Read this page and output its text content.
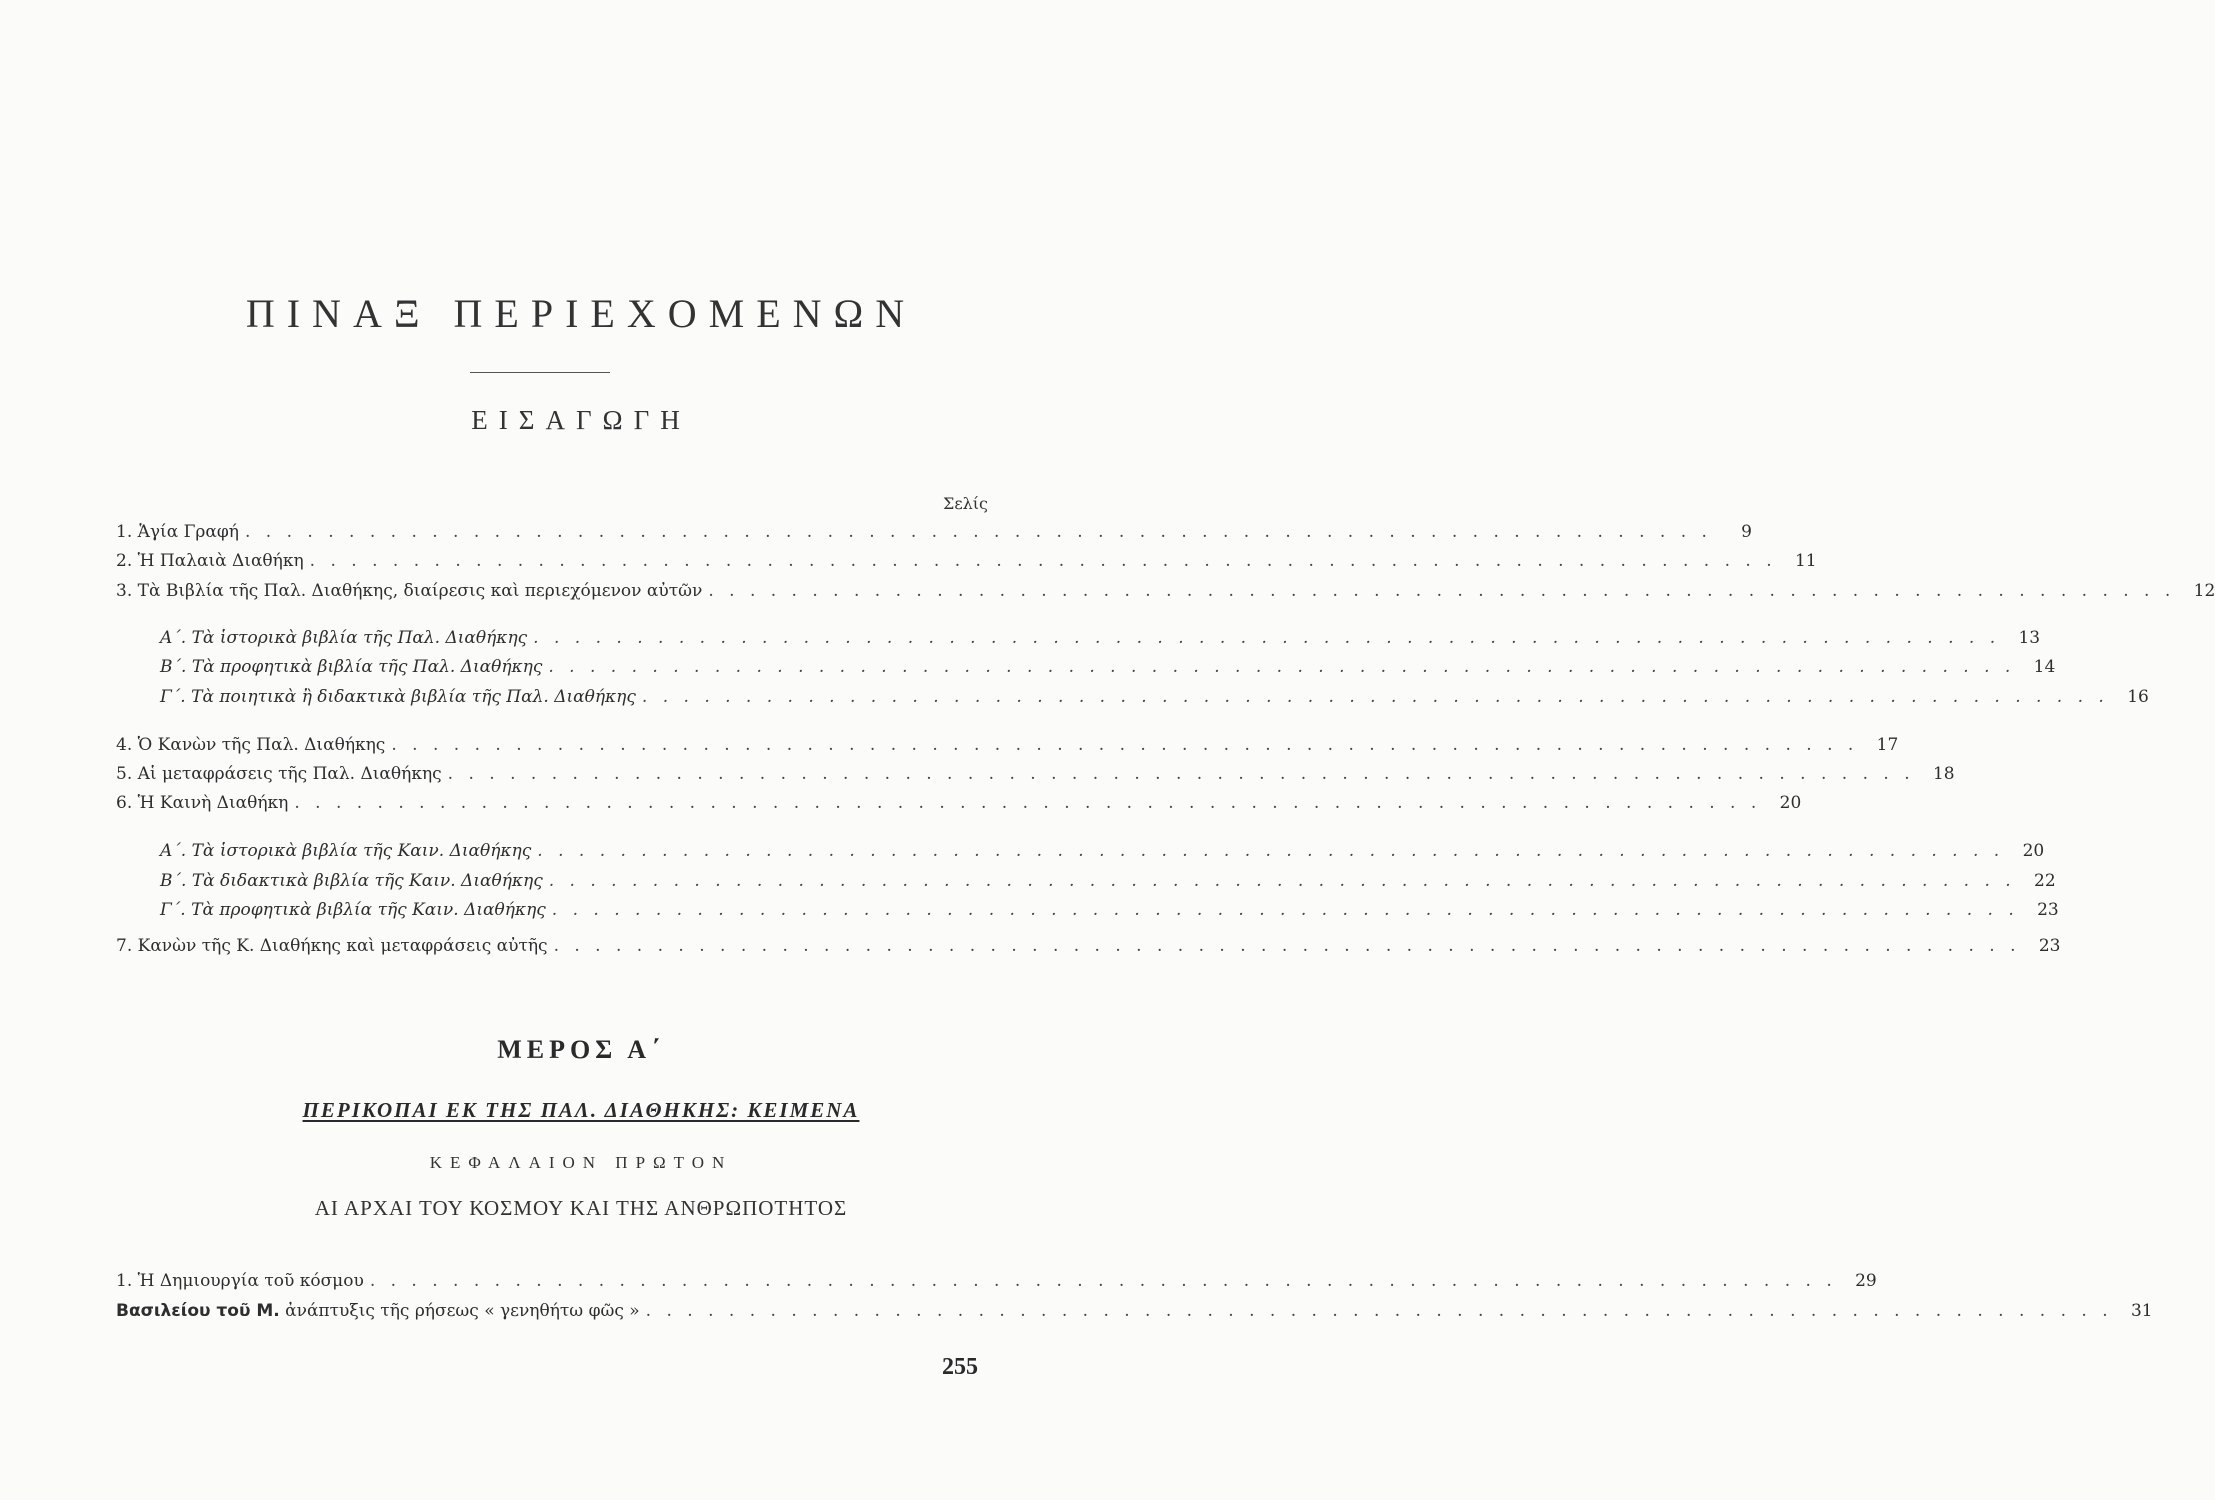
ΠΙΝΑΞ ΠΕΡΙΕΧΟΜΕΝΩΝ
ΕΙΣΑΓΩΓΗ
Σελίς
1. Ἁγία Γραφή . . . . . . . . . . . . . . . . . . . . . . . . . . . . . . . . . . . . . . . . . . . . . . . . . . . . . . . . . . . . . . . . . . . . . . .	9
2. Ἡ Παλαιὰ Διαθήκη . . . . . . . . . . . . . . . . . . . . . . . . . . . . . . . . . . . . . . . . . . . . . . . . . . . . . . . . . . . . . . . . . . . . . . .	11
3. Τὰ Βιβλία τῆς Παλ. Διαθήκης, διαίρεσις καὶ περιεχόμενον αὐτῶν . . . . . . . . . . . . . . . . . . . . . . . . . . . . . . . . . . . . . . . . . . . . . . . . . . . . . . . . . . . . . . . . . . . . . . .	12
Α΄. Τὰ ἱστορικὰ βιβλία τῆς Παλ. Διαθήκης . . . . . . . . . . . . . . . . . . . . . . . . . . . . . . . . . . . . . . . . . . . . . . . . . . . . . . . . . . . . . . . . . . . . . . .	13
Β΄. Τὰ προφητικὰ βιβλία τῆς Παλ. Διαθήκης . . . . . . . . . . . . . . . . . . . . . . . . . . . . . . . . . . . . . . . . . . . . . . . . . . . . . . . . . . . . . . . . . . . . . . .	14
Γ΄. Τὰ ποιητικὰ ἢ διδακτικὰ βιβλία τῆς Παλ. Διαθήκης . . . . . . . . . . . . . . . . . . . . . . . . . . . . . . . . . . . . . . . . . . . . . . . . . . . . . . . . . . . . . . . . . . . . . . .	16
4. Ὁ Κανὼν τῆς Παλ. Διαθήκης . . . . . . . . . . . . . . . . . . . . . . . . . . . . . . . . . . . . . . . . . . . . . . . . . . . . . . . . . . . . . . . . . . . . . . .	17
5. Αἱ μεταφράσεις τῆς Παλ. Διαθήκης . . . . . . . . . . . . . . . . . . . . . . . . . . . . . . . . . . . . . . . . . . . . . . . . . . . . . . . . . . . . . . . . . . . . . . .	18
6. Ἡ Καινὴ Διαθήκη . . . . . . . . . . . . . . . . . . . . . . . . . . . . . . . . . . . . . . . . . . . . . . . . . . . . . . . . . . . . . . . . . . . . . . .	20
Α΄. Τὰ ἱστορικὰ βιβλία τῆς Καιν. Διαθήκης . . . . . . . . . . . . . . . . . . . . . . . . . . . . . . . . . . . . . . . . . . . . . . . . . . . . . . . . . . . . . . . . . . . . . . .	20
Β΄. Τὰ διδακτικὰ βιβλία τῆς Καιν. Διαθήκης . . . . . . . . . . . . . . . . . . . . . . . . . . . . . . . . . . . . . . . . . . . . . . . . . . . . . . . . . . . . . . . . . . . . . . .	22
Γ΄. Τὰ προφητικὰ βιβλία τῆς Καιν. Διαθήκης . . . . . . . . . . . . . . . . . . . . . . . . . . . . . . . . . . . . . . . . . . . . . . . . . . . . . . . . . . . . . . . . . . . . . . .	23
7. Κανὼν τῆς Κ. Διαθήκης καὶ μεταφράσεις αὐτῆς . . . . . . . . . . . . . . . . . . . . . . . . . . . . . . . . . . . . . . . . . . . . . . . . . . . . . . . . . . . . . . . . . . . . . . .	23
ΜΕΡΟΣ Α΄
ΠΕΡΙΚΟΠΑΙ ΕΚ ΤΗΣ ΠΑΛ. ΔΙΑΘΗΚΗΣ: ΚΕΙΜΕΝΑ
ΚΕΦΑΛΑΙΟΝ ΠΡΩΤΟΝ
ΑΙ ΑΡΧΑΙ ΤΟΥ ΚΟΣΜΟΥ ΚΑΙ ΤΗΣ ΑΝΘΡΩΠΟΤΗΤΟΣ
1. Ἡ Δημιουργία τοῦ κόσμου . . . . . . . . . . . . . . . . . . . . . . . . . . . . . . . . . . . . . . . . . . . . . . . . . . . . . . . . . . . . . . . . . . . . . . .	29
Βασιλείου τοῦ Μ. ἀνάπτυξις τῆς ρήσεως « γενηθήτω φῶς » . . . . . . . . . . . . . . . . . . . . . . . . . . . . . . . . . . . . . . . . . . . . . . . . . . . . . . . . . . . . . . . . . . . . . . .	31
255
